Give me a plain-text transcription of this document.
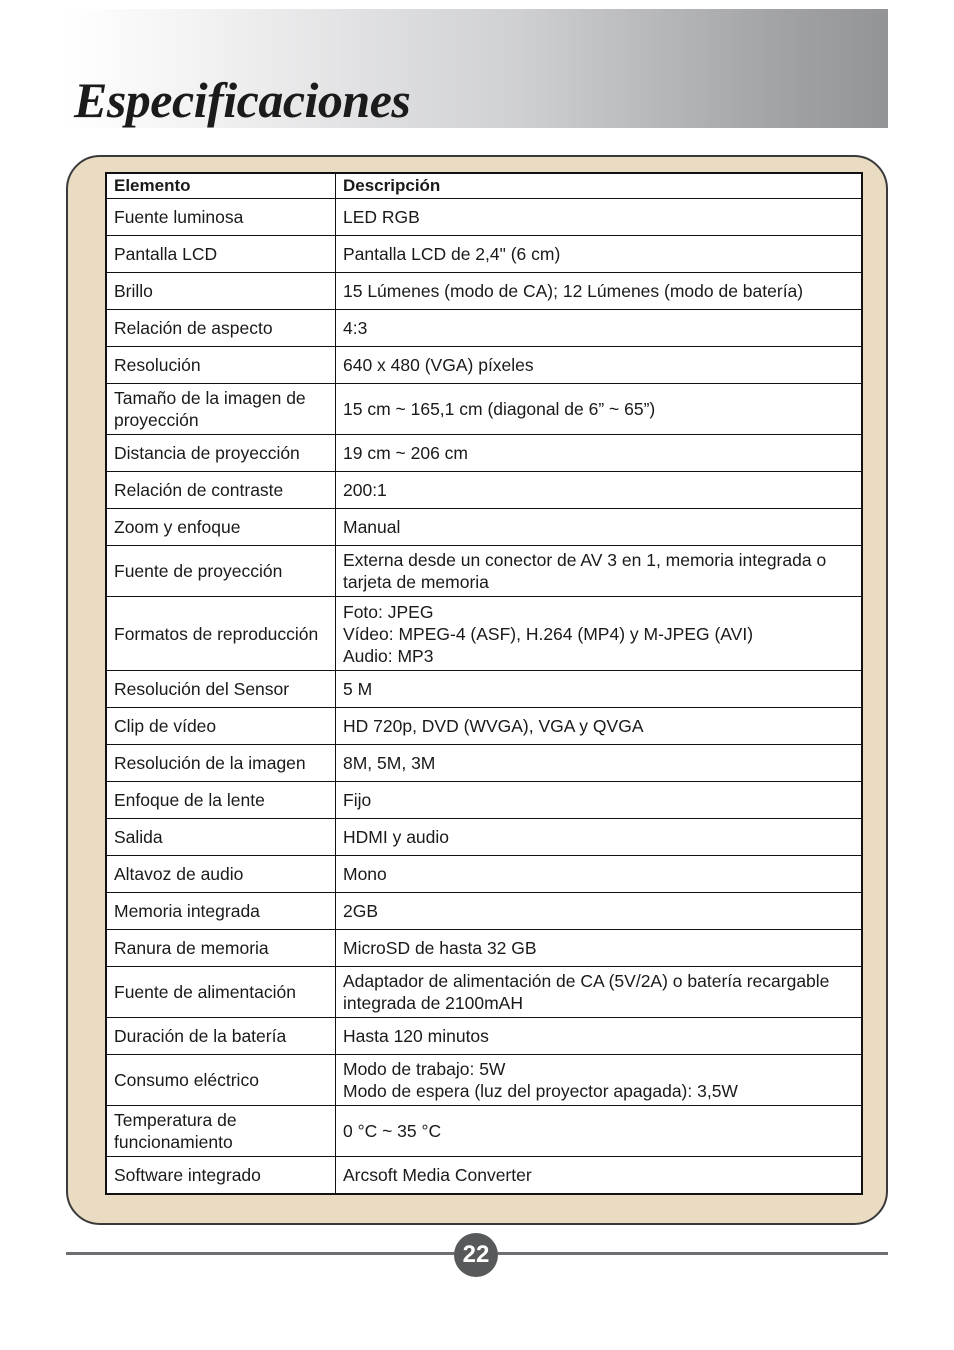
Especificaciones
Elemento	Descripción
Fuente luminosa	LED RGB

Pantalla LCD	Pantalla LCD de 2,4" (6 cm)

Brillo	15 Lúmenes (modo de CA); 12 Lúmenes (modo de batería)

Relación de aspecto	4:3

Resolución	640 x 480 (VGA) píxeles

Tamaño de la imagen de proyección	15 cm ~ 165,1 cm (diagonal de 6” ~ 65”)

Distancia de proyección	19 cm ~ 206 cm

Relación de contraste	200:1

Zoom y enfoque	Manual

Fuente de proyección	Externa desde un conector de AV 3 en 1, memoria integrada o tarjeta de memoria

Formatos de reproducción	Foto: JPEG
Vídeo: MPEG-4 (ASF), H.264 (MP4) y M-JPEG (AVI)
Audio: MP3

Resolución del Sensor	5 M

Clip de vídeo	HD 720p, DVD (WVGA), VGA y QVGA

Resolución de la imagen	8M, 5M, 3M

Enfoque de la lente	Fijo

Salida	HDMI y audio

Altavoz de audio	Mono

Memoria integrada	2GB

Ranura de memoria	MicroSD de hasta 32 GB

Fuente de alimentación	Adaptador de alimentación de CA (5V/2A) o batería recargable integrada de 2100mAH

Duración de la batería	Hasta 120 minutos

Consumo eléctrico	Modo de trabajo: 5W
Modo de espera (luz del proyector apagada): 3,5W

Temperatura de funcionamiento	0 °C ~ 35 °C

Software integrado	Arcsoft Media Converter
22
